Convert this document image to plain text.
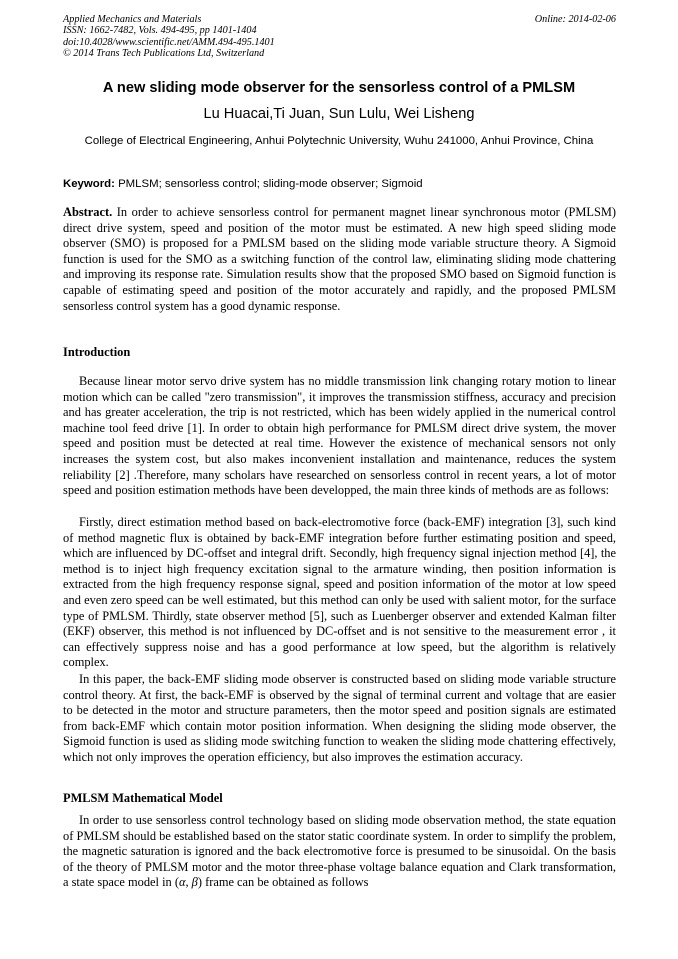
Applied Mechanics and Materials
ISSN: 1662-7482, Vols. 494-495, pp 1401-1404
doi:10.4028/www.scientific.net/AMM.494-495.1401
© 2014 Trans Tech Publications Ltd, Switzerland
Online: 2014-02-06
A new sliding mode observer for the sensorless control of a PMLSM
Lu Huacai,Ti Juan, Sun Lulu, Wei Lisheng
College of Electrical Engineering, Anhui Polytechnic University, Wuhu 241000, Anhui Province, China
Keyword: PMLSM; sensorless control; sliding-mode observer; Sigmoid

Abstract. In order to achieve sensorless control for permanent magnet linear synchronous motor (PMLSM) direct drive system, speed and position of the motor must be estimated. A new high speed sliding mode observer (SMO) is proposed for a PMLSM based on the sliding mode variable structure theory. A Sigmoid function is used for the SMO as a switching function of the control law, eliminating sliding mode chattering and improving its response rate. Simulation results show that the proposed SMO based on Sigmoid function is capable of estimating speed and position of the motor accurately and rapidly, and the proposed PMLSM sensorless control system has a good dynamic response.

Introduction

Because linear motor servo drive system has no middle transmission link changing rotary motion to linear motion which can be called "zero transmission", it improves the transmission stiffness, accuracy and precision and has greater acceleration, the trip is not restricted, which has been widely applied in the numerical control machine tool feed drive [1]. In order to obtain high performance for PMLSM direct drive system, the mover speed and position must be detected at real time. However the existence of mechanical sensors not only increases the system cost, but also makes inconvenient installation and maintenance, reduces the system reliability [2] .Therefore, many scholars have researched on sensorless control in recent years, a lot of motor speed and position estimation methods have been developped, the main three kinds of methods are as follows:

Firstly, direct estimation method based on back-electromotive force (back-EMF) integration [3], such kind of method magnetic flux is obtained by back-EMF integration before further estimating position and speed, which are influenced by DC-offset and integral drift. Secondly, high frequency signal injection method [4], the method is to inject high frequency excitation signal to the armature winding, then position information is extracted from the high frequency response signal, speed and position information of the motor at low speed and even zero speed can be well estimated, but this method can only be used with salient motor, for the surface type of PMLSM. Thirdly, state observer method [5], such as Luenberger observer and extended Kalman filter (EKF) observer, this method is not influenced by DC-offset and is not sensitive to the measurement error , it can effectively suppress noise and has a good performance at low speed, but the algorithm is relatively complex.

In this paper, the back-EMF sliding mode observer is constructed based on sliding mode variable structure control theory. At first, the back-EMF is observed by the signal of terminal current and voltage that are easier to be detected in the motor and structure parameters, then the motor speed and position signals are estimated from back-EMF which contain motor position information. When designing the sliding mode observer, the Sigmoid function is used as sliding mode switching function to weaken the sliding mode chattering effectively, which not only improves the operation efficiency, but also improves the estimation accuracy.

PMLSM Mathematical Model

In order to use sensorless control technology based on sliding mode observation method, the state equation of PMLSM should be established based on the stator static coordinate system. In order to simplify the problem, the magnetic saturation is ignored and the back electromotive force is presumed to be sinusoidal. On the basis of the theory of PMLSM motor and the motor three-phase voltage balance equation and Clark transformation, a state space model in (α, β) frame can be obtained as follows
